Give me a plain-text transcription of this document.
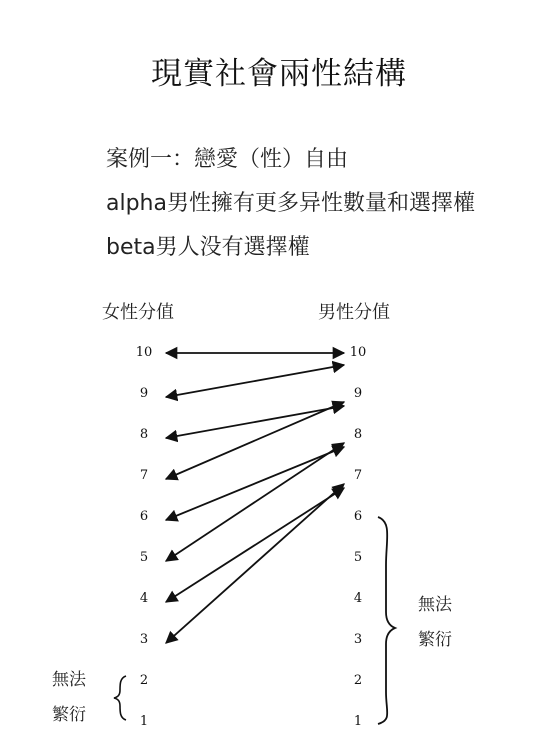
現實社會兩性結構
案例一：戀愛（性）自由
alpha男性擁有更多异性數量和選擇權
beta男人没有選擇權
女性分值	男性分值
10
9
8
7
6
5
4
3
2
1
10
9
8
7
6
5
4
3
2
1
無法
繁衍
無法
繁衍
